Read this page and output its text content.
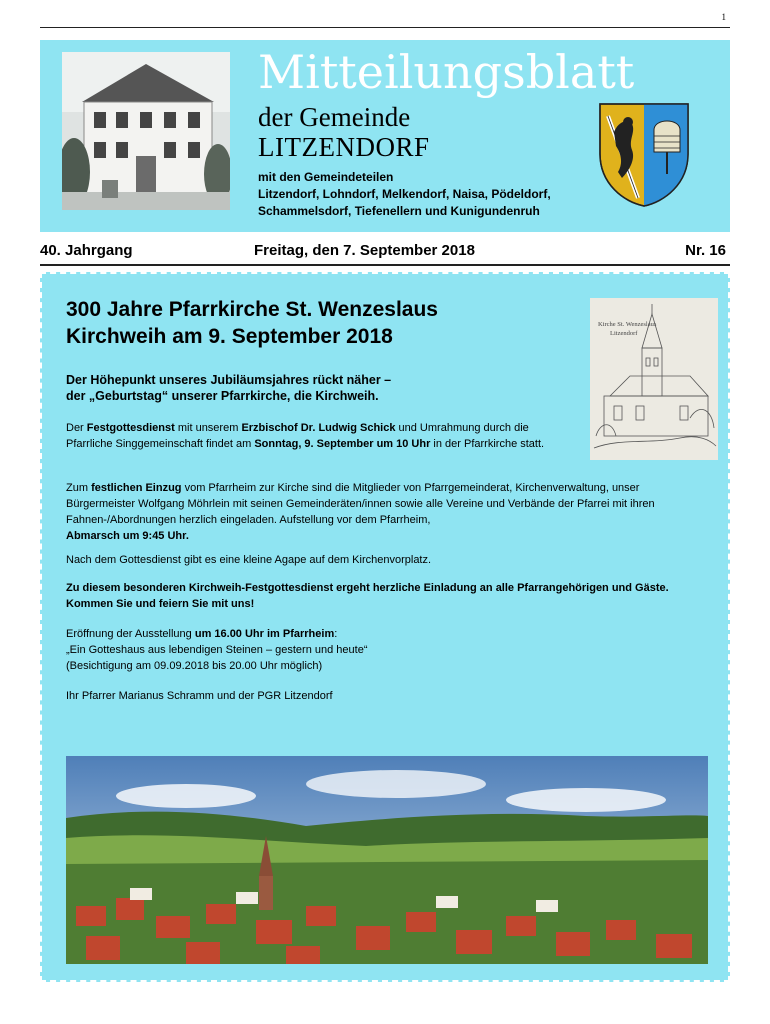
1
Mitteilungsblatt
der Gemeinde
LITZENDORF
mit den Gemeindeteilen
Litzendorf, Lohndorf, Melkendorf, Naisa, Pödeldorf,
Schammelsdorf, Tiefenellern und Kunigundenruh
40. Jahrgang	Freitag, den 7. September 2018	Nr. 16
300 Jahre Pfarrkirche St. Wenzeslaus
Kirchweih am 9. September 2018
Kirche St. Wenzeslaus
Litzendorf
Der Höhepunkt unseres Jubiläumsjahres rückt näher –
der „Geburtstag“ unserer Pfarrkirche, die Kirchweih.
Der Festgottesdienst mit unserem Erzbischof Dr. Ludwig Schick und Umrahmung durch die Pfarrliche Singgemeinschaft findet am Sonntag, 9. September um 10 Uhr in der Pfarrkirche statt.
Zum festlichen Einzug vom Pfarrheim zur Kirche sind die Mitglieder von Pfarrgemeinderat, Kirchenverwaltung, unser Bürgermeister Wolfgang Möhrlein mit seinen Gemeinderäten/innen sowie alle Vereine und Verbände der Pfarrei mit ihren Fahnen-/Abordnungen herzlich eingeladen. Aufstellung vor dem Pfarrheim,
Abmarsch um 9:45 Uhr.
Nach dem Gottesdienst gibt es eine kleine Agape auf dem Kirchenvorplatz.
Zu diesem besonderen Kirchweih-Festgottesdienst ergeht herzliche Einladung an alle Pfarrangehörigen und Gäste. Kommen Sie und feiern Sie mit uns!
Eröffnung der Ausstellung um 16.00 Uhr im Pfarrheim:
„Ein Gotteshaus aus lebendigen Steinen – gestern und heute“
(Besichtigung am 09.09.2018 bis 20.00 Uhr möglich)
Ihr Pfarrer Marianus Schramm und der PGR Litzendorf
